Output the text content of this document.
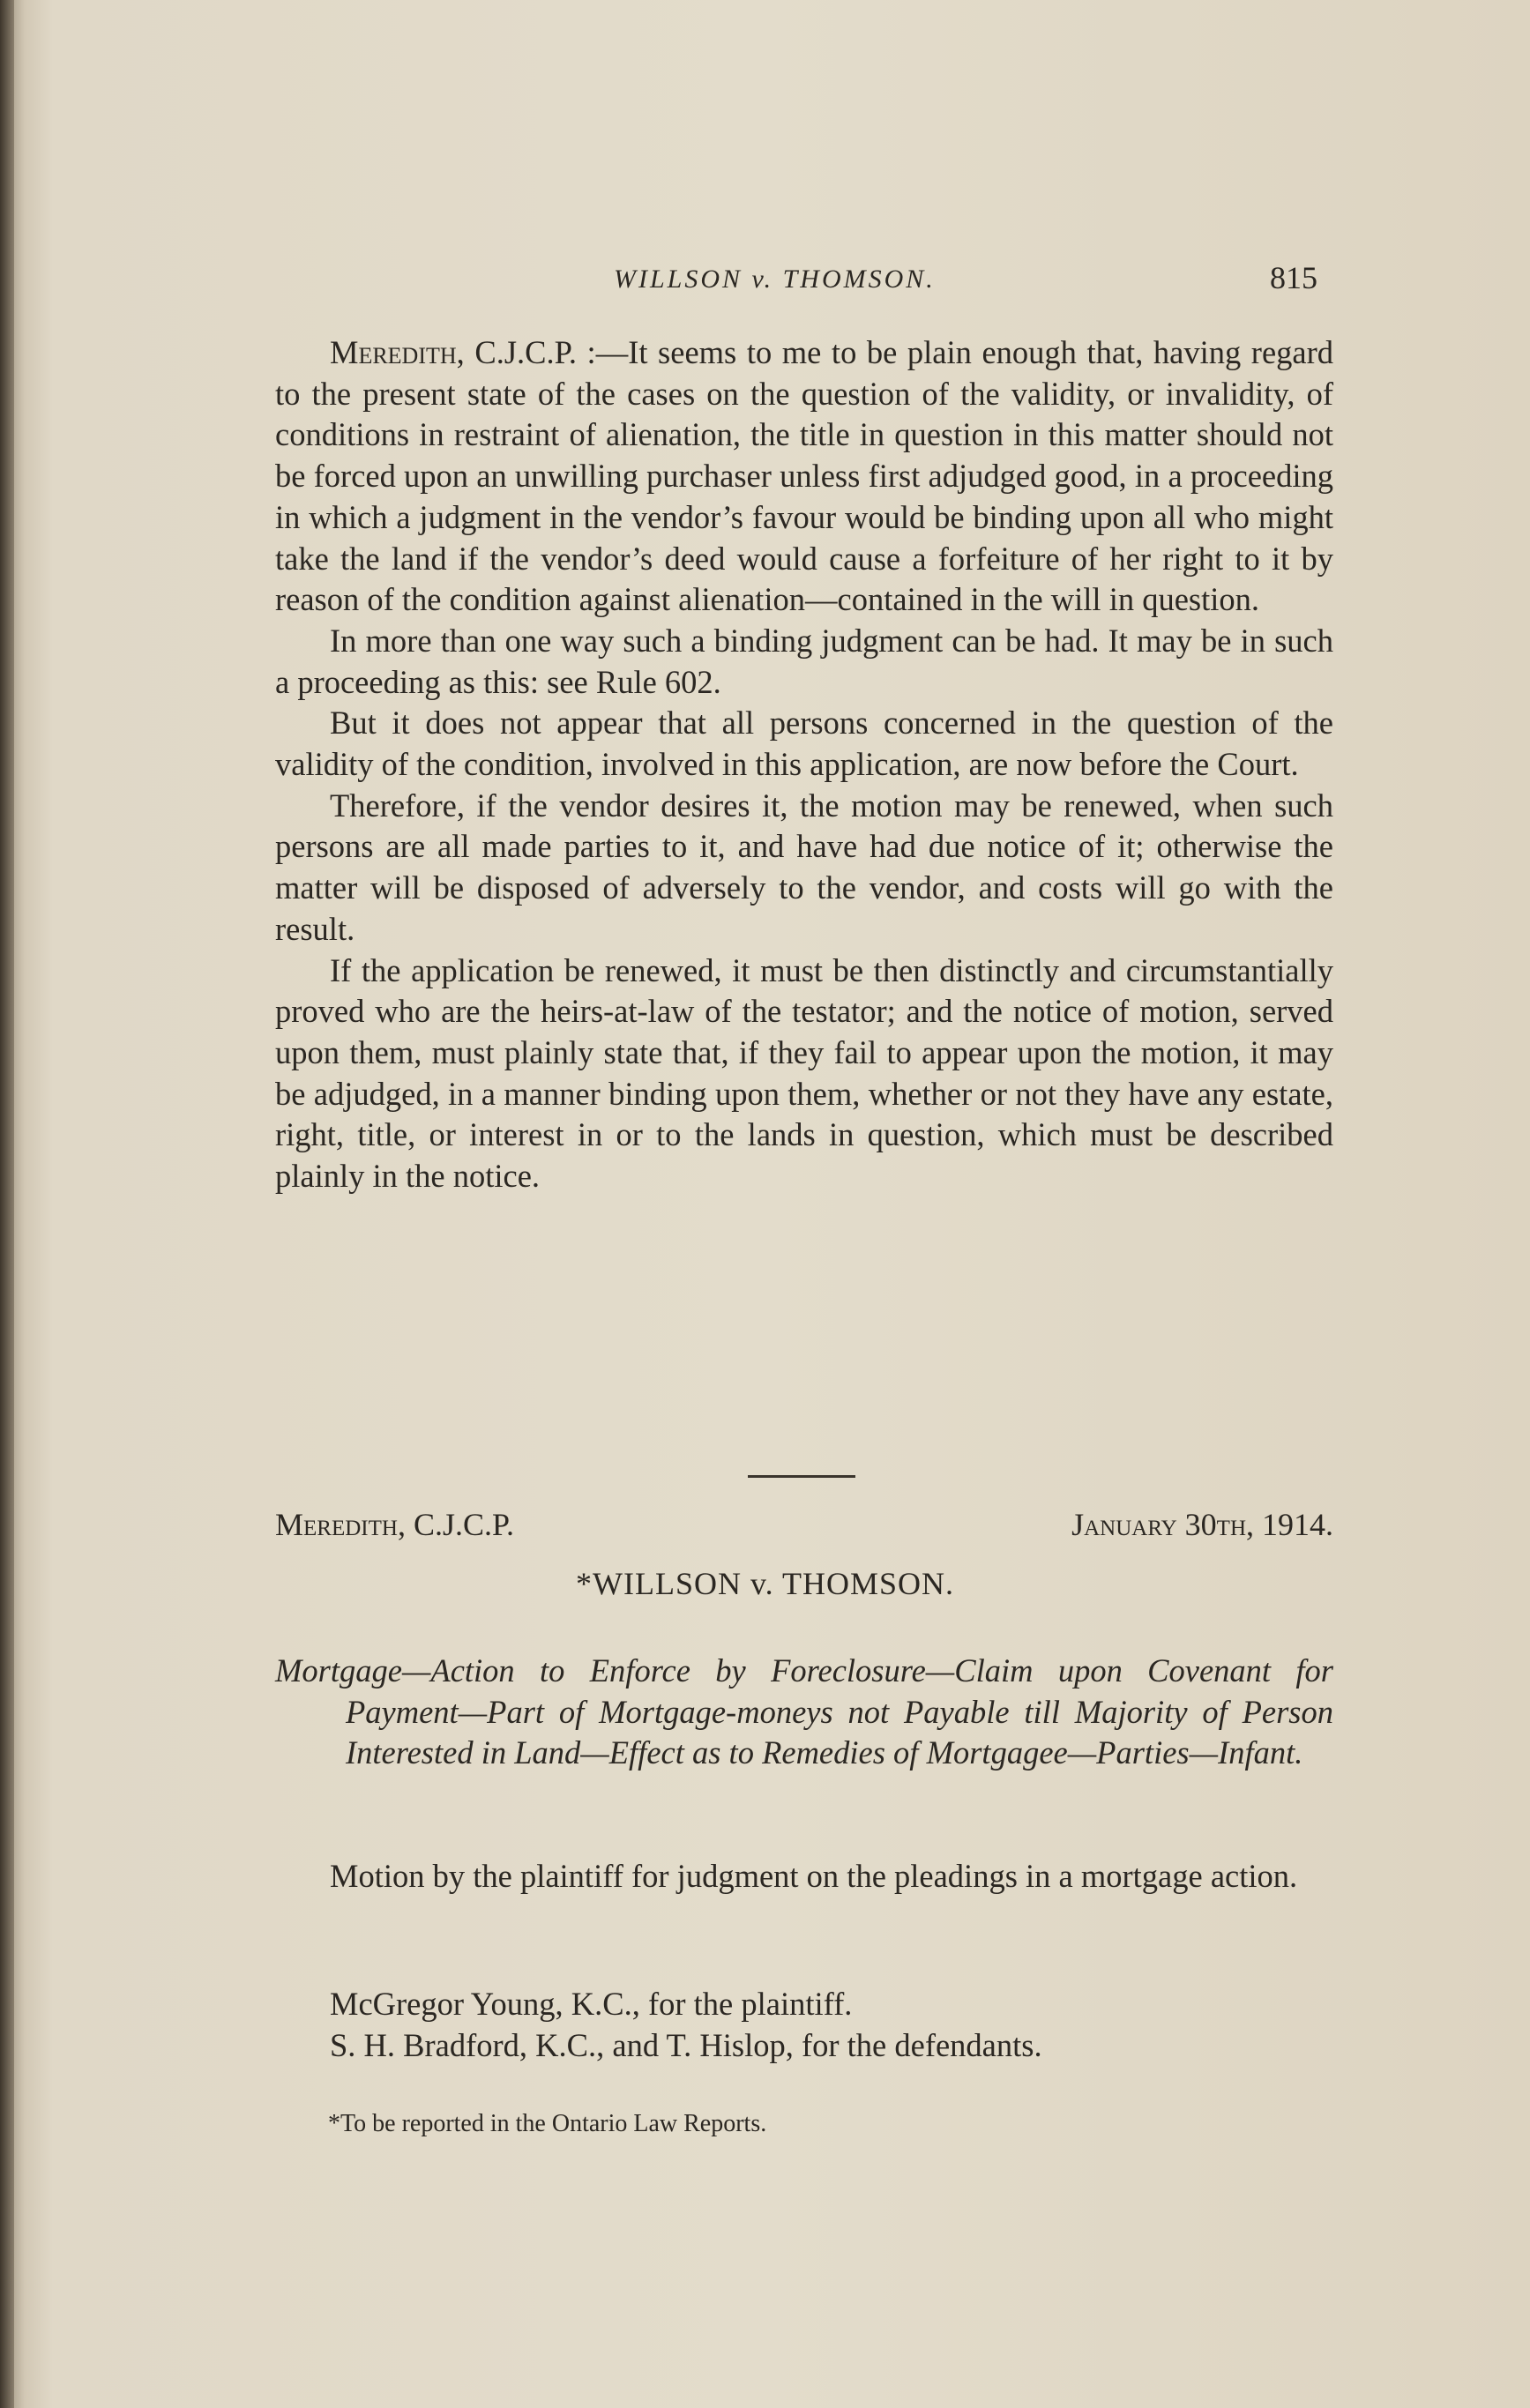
WILLSON v. THOMSON.	815

Meredith, C.J.C.P. :—It seems to me to be plain enough that, having regard to the present state of the cases on the question of the validity, or invalidity, of conditions in restraint of alienation, the title in question in this matter should not be forced upon an unwilling purchaser unless first adjudged good, in a proceeding in which a judgment in the vendor’s favour would be binding upon all who might take the land if the vendor’s deed would cause a forfeiture of her right to it by reason of the condition against alienation—contained in the will in question.

In more than one way such a binding judgment can be had. It may be in such a proceeding as this: see Rule 602.

But it does not appear that all persons concerned in the question of the validity of the condition, involved in this application, are now before the Court.

Therefore, if the vendor desires it, the motion may be renewed, when such persons are all made parties to it, and have had due notice of it; otherwise the matter will be disposed of adversely to the vendor, and costs will go with the result.

If the application be renewed, it must be then distinctly and circumstantially proved who are the heirs-at-law of the testator; and the notice of motion, served upon them, must plainly state that, if they fail to appear upon the motion, it may be adjudged, in a manner binding upon them, whether or not they have any estate, right, title, or interest in or to the lands in question, which must be described plainly in the notice.

Meredith, C.J.C.P.	January 30th, 1914.
*WILLSON v. THOMSON.
Mortgage—Action to Enforce by Foreclosure—Claim upon Covenant for Payment—Part of Mortgage-moneys not Payable till Majority of Person Interested in Land—Effect as to Remedies of Mortgagee—Parties—Infant.

Motion by the plaintiff for judgment on the pleadings in a mortgage action.

McGregor Young, K.C., for the plaintiff.

S. H. Bradford, K.C., and T. Hislop, for the defendants.

*To be reported in the Ontario Law Reports.
